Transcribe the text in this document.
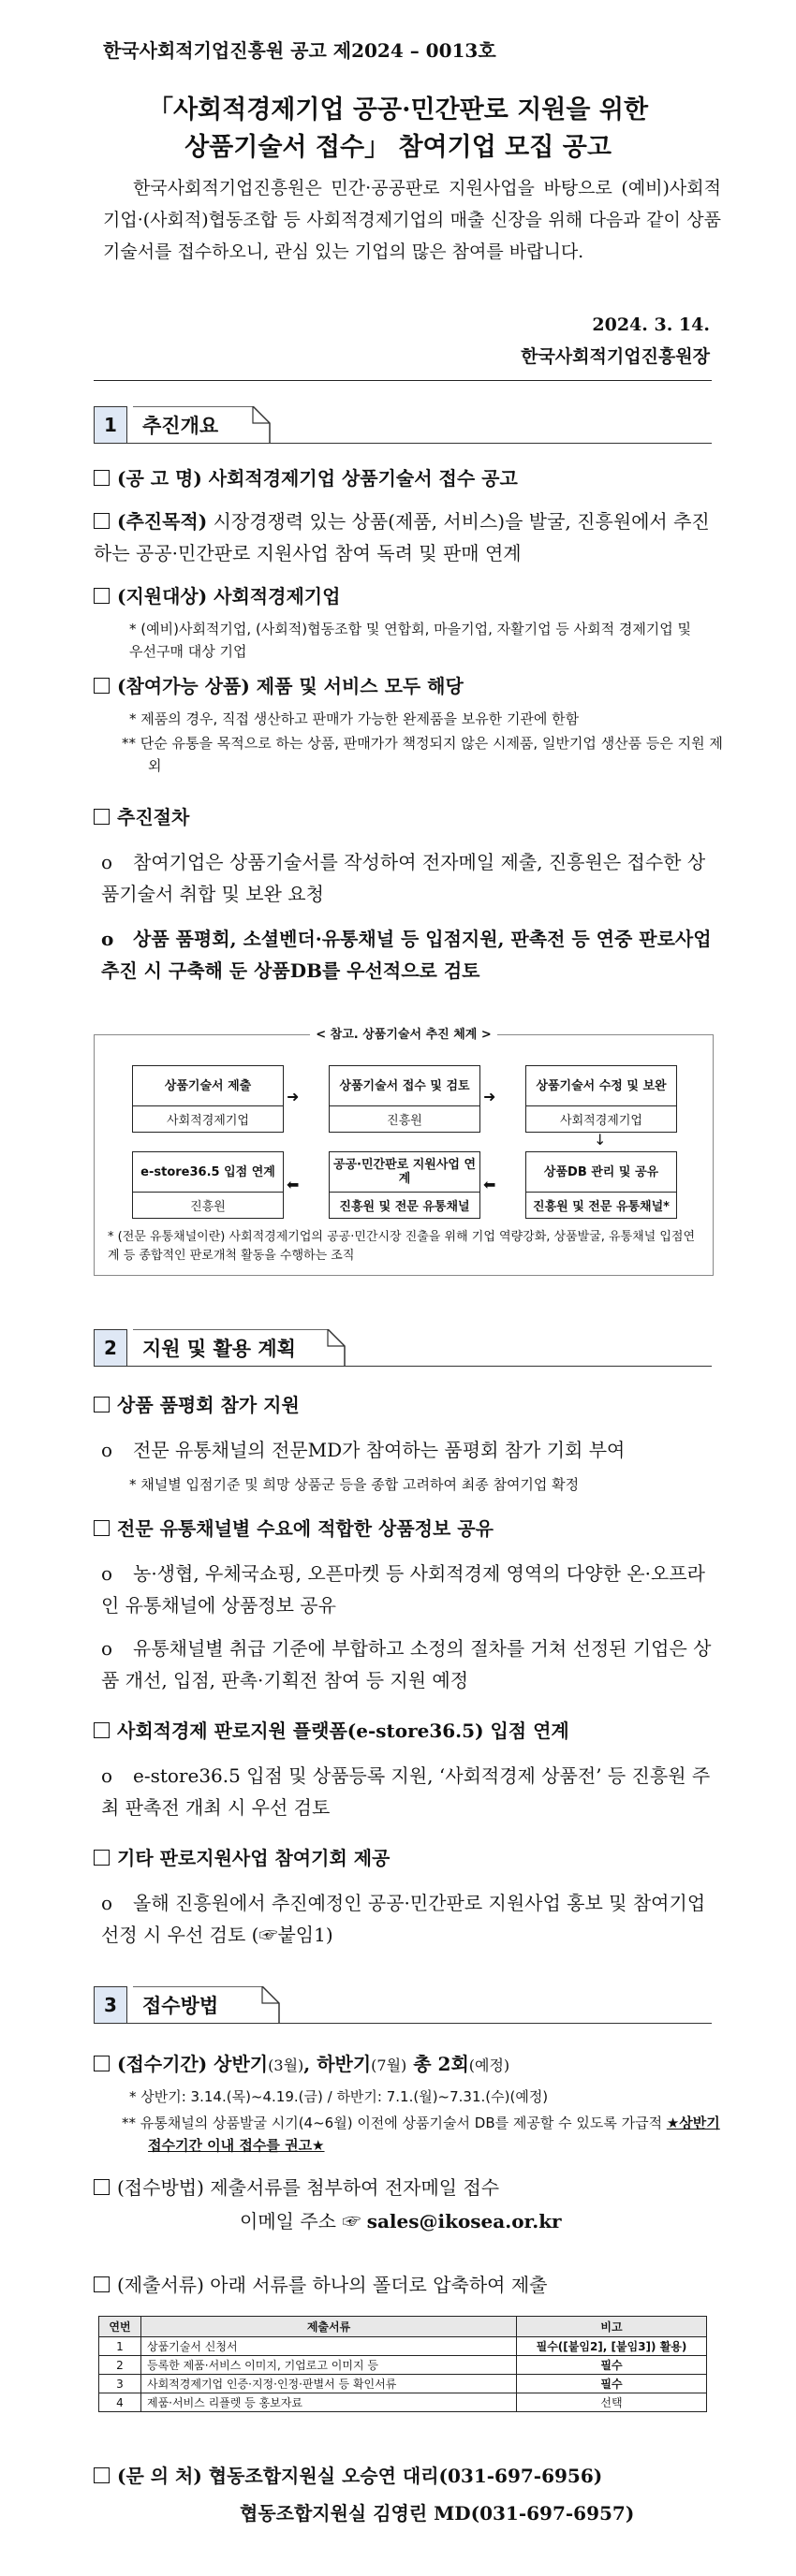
한국사회적기업진흥원 공고 제2024 – 0013호
「사회적경제기업 공공·민간판로 지원을 위한
상품기술서 접수」 참여기업 모집 공고
한국사회적기업진흥원은 민간·공공판로 지원사업을 바탕으로 (예비)사회적기업·(사회적)협동조합 등 사회적경제기업의 매출 신장을 위해 다음과 같이 상품기술서를 접수하오니, 관심 있는 기업의 많은 참여를 바랍니다.
2024. 3. 14.
한국사회적기업진흥원장
1	추진개요
(공 고 명) 사회적경제기업 상품기술서 접수 공고
(추진목적) 시장경쟁력 있는 상품(제품, 서비스)을 발굴, 진흥원에서 추진하는 공공·민간판로 지원사업 참여 독려 및 판매 연계
(지원대상) 사회적경제기업
* (예비)사회적기업, (사회적)협동조합 및 연합회, 마을기업, 자활기업 등 사회적 경제기업 및 우선구매 대상 기업
(참여가능 상품) 제품 및 서비스 모두 해당
* 제품의 경우, 직접 생산하고 판매가 가능한 완제품을 보유한 기관에 한함
** 단순 유통을 목적으로 하는 상품, 판매가가 책정되지 않은 시제품, 일반기업 생산품 등은 지원 제외
추진절차
o 참여기업은 상품기술서를 작성하여 전자메일 제출, 진흥원은 접수한 상품기술서 취합 및 보완 요청
o 상품 품평회, 소셜벤더·유통채널 등 입점지원, 판촉전 등 연중 판로사업 추진 시 구축해 둔 상품DB를 우선적으로 검토
< 참고. 상품기술서 추진 체계 >
상품기술서 제출
사회적경제기업
➜
상품기술서 접수 및 검토
진흥원
➜
상품기술서 수정 및 보완
사회적경제기업
↓
e-store36.5 입점 연계
진흥원
⬅
공공·민간판로 지원사업 연계
진흥원 및 전문 유통채널
⬅
상품DB 관리 및 공유
진흥원 및 전문 유통채널*
* (전문 유통채널이란) 사회적경제기업의 공공·민간시장 진출을 위해 기업 역량강화, 상품발굴, 유통채널 입점연계 등 종합적인 판로개척 활동을 수행하는 조직
2	지원 및 활용 계획
상품 품평회 참가 지원
o 전문 유통채널의 전문MD가 참여하는 품평회 참가 기회 부여
* 채널별 입점기준 및 희망 상품군 등을 종합 고려하여 최종 참여기업 확정
전문 유통채널별 수요에 적합한 상품정보 공유
o 농·생협, 우체국쇼핑, 오픈마켓 등 사회적경제 영역의 다양한 온·오프라인 유통채널에 상품정보 공유
o 유통채널별 취급 기준에 부합하고 소정의 절차를 거쳐 선정된 기업은 상품 개선, 입점, 판촉·기획전 참여 등 지원 예정
사회적경제 판로지원 플랫폼(e-store36.5) 입점 연계
o e-store36.5 입점 및 상품등록 지원, ‘사회적경제 상품전’ 등 진흥원 주최 판촉전 개최 시 우선 검토
기타 판로지원사업 참여기회 제공
o 올해 진흥원에서 추진예정인 공공·민간판로 지원사업 홍보 및 참여기업 선정 시 우선 검토 (☞붙임1)
3	접수방법
(접수기간) 상반기(3월), 하반기(7월) 총 2회(예정)
* 상반기: 3.14.(목)~4.19.(금) / 하반기: 7.1.(월)~7.31.(수)(예정)
** 유통채널의 상품발굴 시기(4~6월) 이전에 상품기술서 DB를 제공할 수 있도록 가급적 ★상반기 접수기간 이내 접수를 권고★
(접수방법) 제출서류를 첨부하여 전자메일 접수
이메일 주소 ☞ sales@ikosea.or.kr
(제출서류) 아래 서류를 하나의 폴더로 압축하여 제출
연번	제출서류	비고
1	상품기술서 신청서	필수([붙임2], [붙임3]) 활용)
2	등록한 제품·서비스 이미지, 기업로고 이미지 등	필수
3	사회적경제기업 인증·지정·인정·판별서 등 확인서류	필수
4	제품·서비스 리플렛 등 홍보자료	선택
(문 의 처) 협동조합지원실 오승연 대리(031-697-6956)
협동조합지원실 김영린 MD(031-697-6957)
